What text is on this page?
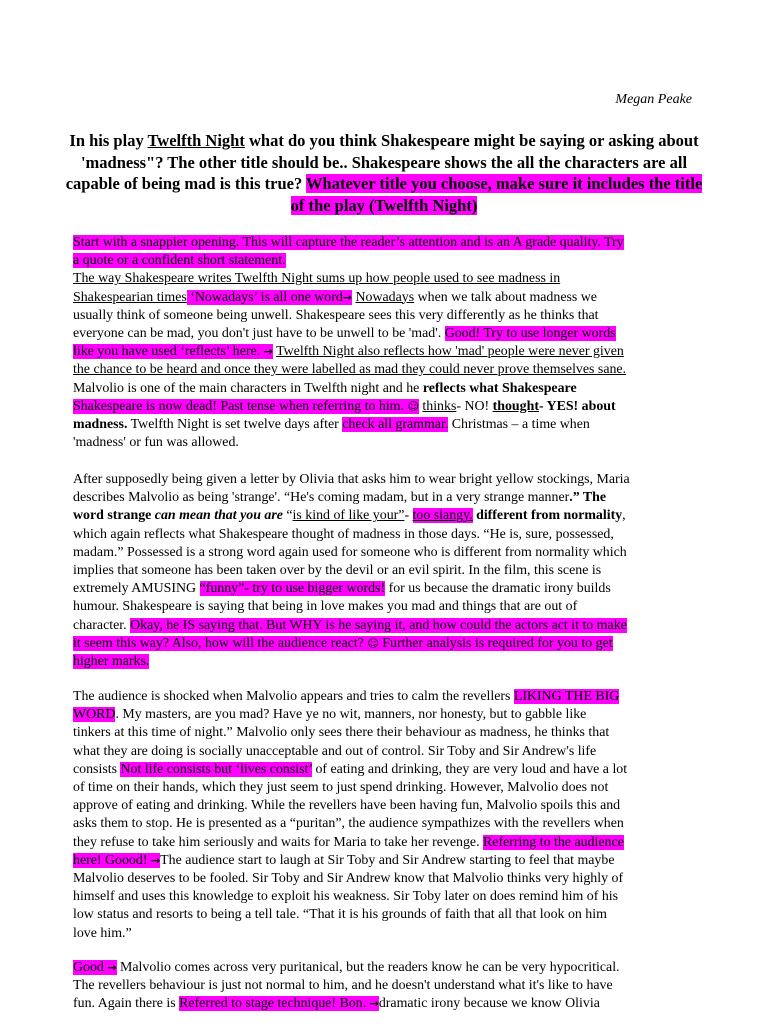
Megan Peake
In his play Twelfth Night what do you think Shakespeare might be saying or asking about 'madness"? The other title should be.. Shakespeare shows the all the characters are all capable of being mad is this true? Whatever title you choose, make sure it includes the title of the play (Twelfth Night)
Start with a snappier opening. This will capture the reader’s attention and is an A grade quality. Try
a quote or a confident short statement.
The way Shakespeare writes Twelfth Night sums up how people used to see madness in
Shakespearian times ‘Nowadays’ is all one word→ Nowadays when we talk about madness we
usually think of someone being unwell. Shakespeare sees this very differently as he thinks that
everyone can be mad, you don't just have to be unwell to be 'mad'. Good! Try to use longer words
like you have used ‘reflects’ here. → Twelfth Night also reflects how 'mad' people were never given
the chance to be heard and once they were labelled as mad they could never prove themselves sane.
Malvolio is one of the main characters in Twelfth night and he reflects what Shakespeare
Shakespeare is now dead! Past tense when referring to him. ☺ thinks- NO! thought- YES! about
madness. Twelfth Night is set twelve days after check all grammar. Christmas – a time when
'madness' or fun was allowed.
After supposedly being given a letter by Olivia that asks him to wear bright yellow stockings, Maria
describes Malvolio as being 'strange'. “He's coming madam, but in a very strange manner.” The
word strange can mean that you are “is kind of like your”- too slangy. different from normality,
which again reflects what Shakespeare thought of madness in those days. “He is, sure, possessed,
madam.” Possessed is a strong word again used for someone who is different from normality which
implies that someone has been taken over by the devil or an evil spirit. In the film, this scene is
extremely AMUSING “funny”- try to use bigger words! for us because the dramatic irony builds
humour. Shakespeare is saying that being in love makes you mad and things that are out of
character. Okay, he IS saying that. But WHY is he saying it, and how could the actors act it to make
it seem this way? Also, how will the audience react? ☺ Further analysis is required for you to get
higher marks.
The audience is shocked when Malvolio appears and tries to calm the revellers LIKING THE BIG
WORD. My masters, are you mad? Have ye no wit, manners, nor honesty, but to gabble like
tinkers at this time of night.” Malvolio only sees there their behaviour as madness, he thinks that
what they are doing is socially unacceptable and out of control. Sir Toby and Sir Andrew's life
consists Not life consists but ‘lives consist’ of eating and drinking, they are very loud and have a lot
of time on their hands, which they just seem to just spend drinking. However, Malvolio does not
approve of eating and drinking. While the revellers have been having fun, Malvolio spoils this and
asks them to stop. He is presented as a “puritan”, the audience sympathizes with the revellers when
they refuse to take him seriously and waits for Maria to take her revenge. Referring to the audience
here! Goood! →The audience start to laugh at Sir Toby and Sir Andrew starting to feel that maybe
Malvolio deserves to be fooled. Sir Toby and Sir Andrew know that Malvolio thinks very highly of
himself and uses this knowledge to exploit his weakness. Sir Toby later on does remind him of his
low status and resorts to being a tell tale. “That it is his grounds of faith that all that look on him
love him.”
Good → Malvolio comes across very puritanical, but the readers know he can be very hypocritical.
The revellers behaviour is just not normal to him, and he doesn't understand what it's like to have
fun. Again there is Referred to stage technique! Bon. →dramatic irony because we know Olivia
